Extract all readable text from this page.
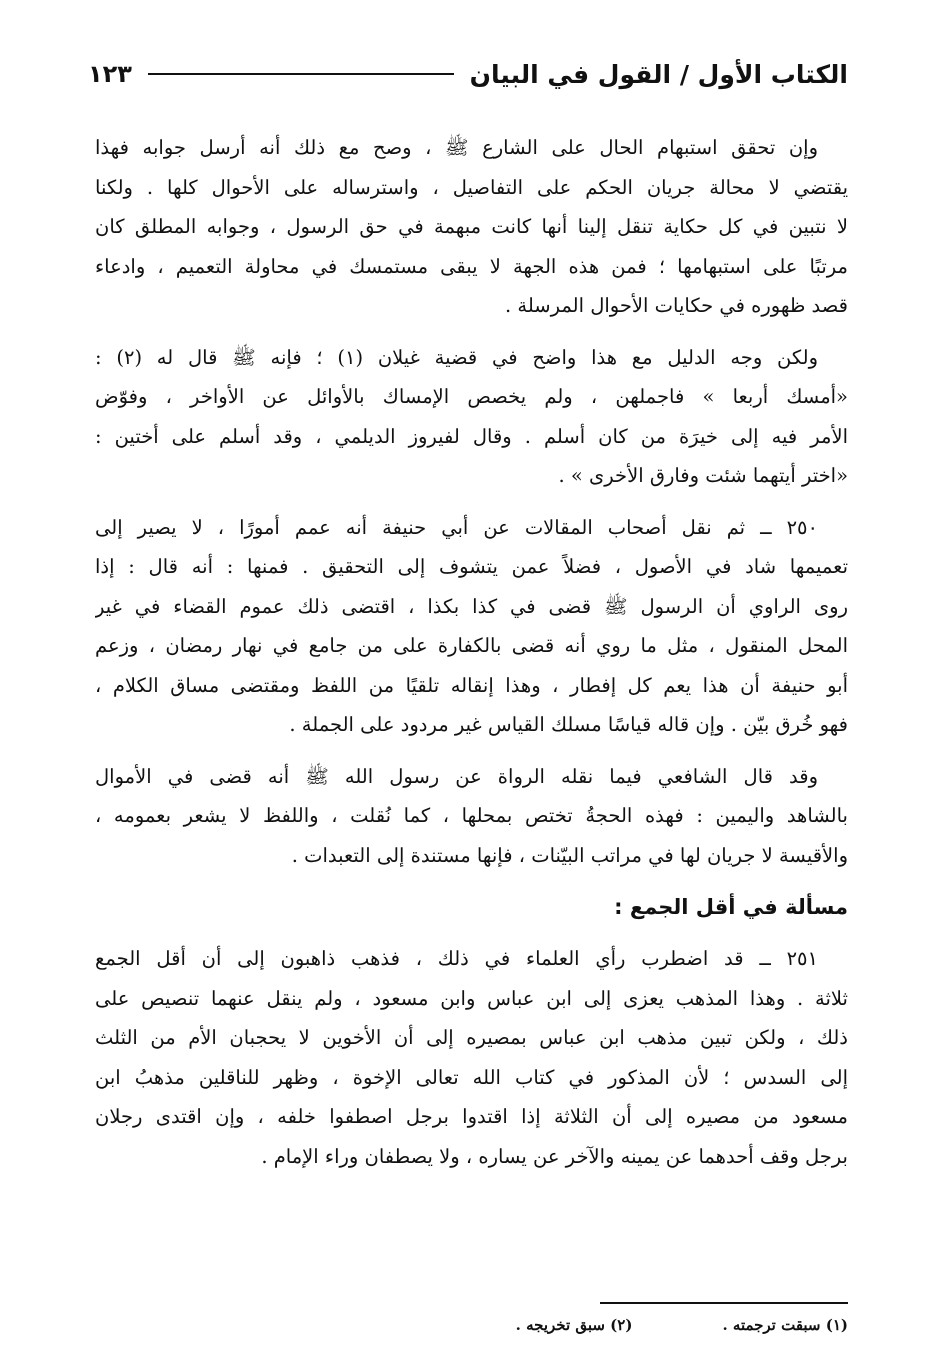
الكتاب الأول / القول في البيان
١٢٣
وإن تحقق استبهام الحال على الشارع ﷺ ، وصح مع ذلك أنه أرسل جوابه فهذا
يقتضي لا محالة جريان الحكم على التفاصيل ، واسترساله على الأحوال كلها . ولكنا
لا نتبين في كل حكاية تنقل إلينا أنها كانت مبهمة في حق الرسول ، وجوابه المطلق كان
مرتبًا على استبهامها ؛ فمن هذه الجهة لا يبقى مستمسك في محاولة التعميم ، وادعاء
قصد ظهوره في حكايات الأحوال المرسلة .
ولكن وجه الدليل مع هذا واضح في قضية غيلان (١) ؛ فإنه ﷺ قال له (٢) :
«أمسك أربعا » فاجملهن ، ولم يخصص الإمساك بالأوائل عن الأواخر ، وفوّض
الأمر فيه إلى خيرَة من كان أسلم . وقال لفيروز الديلمي ، وقد أسلم على أختين :
«اختر أيتهما شئت وفارق الأخرى » .
٢٥٠ ــ ثم نقل أصحاب المقالات عن أبي حنيفة أنه عمم أمورًا ، لا يصير إلى
تعميمها شاد في الأصول ، فضلاً عمن يتشوف إلى التحقيق . فمنها : أنه قال : إذا
روى الراوي أن الرسول ﷺ قضى في كذا بكذا ، اقتضى ذلك عموم القضاء في غير
المحل المنقول ، مثل ما روي أنه قضى بالكفارة على من جامع في نهار رمضان ، وزعم
أبو حنيفة أن هذا يعم كل إفطار ، وهذا إنقاله تلقيًا من اللفظ ومقتضى مساق الكلام ،
فهو خُرق بيّن . وإن قاله قياسًا مسلك القياس غير مردود على الجملة .
وقد قال الشافعي فيما نقله الرواة عن رسول الله ﷺ أنه قضى في الأموال
بالشاهد واليمين : فهذه الحجةُ تختص بمحلها ، كما نُقلت ، واللفظ لا يشعر بعمومه ،
والأقيسة لا جريان لها في مراتب البيّنات ، فإنها مستندة إلى التعبدات .
مسألة في أقل الجمع :
٢٥١ ــ قد اضطرب رأي العلماء في ذلك ، فذهب ذاهبون إلى أن أقل الجمع
ثلاثة . وهذا المذهب يعزى إلى ابن عباس وابن مسعود ، ولم ينقل عنهما تنصيص على
ذلك ، ولكن تبين مذهب ابن عباس بمصيره إلى أن الأخوين لا يحجبان الأم من الثلث
إلى السدس ؛ لأن المذكور في كتاب الله تعالى الإخوة ، وظهر للناقلين مذهبُ ابن
مسعود من مصيره إلى أن الثلاثة إذا اقتدوا برجل اصطفوا خلفه ، وإن اقتدى رجلان
برجل وقف أحدهما عن يمينه والآخر عن يساره ، ولا يصطفان وراء الإمام .
(١) سبقت ترجمته .
(٢) سبق تخريجه .
